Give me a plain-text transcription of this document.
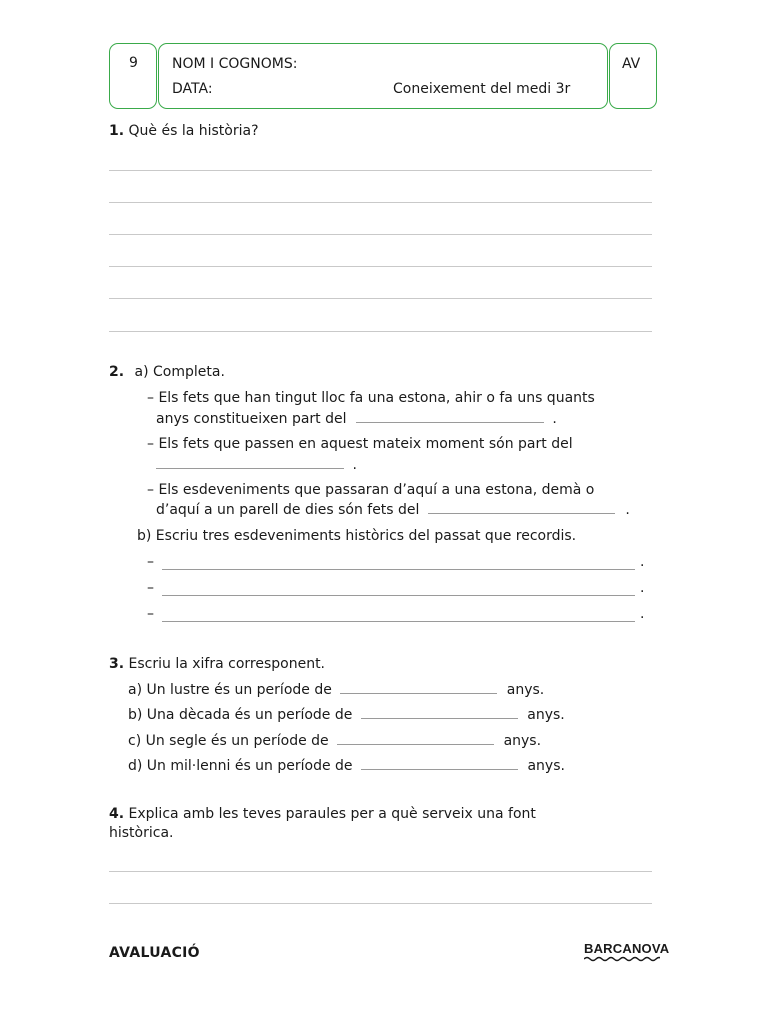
9 NOM I COGNOMS:
DATA:	Coneixement del medi 3r
AV
1. Què és la història?
2. a) Completa.
– Els fets que han tingut lloc fa una estona, ahir o fa uns quants
anys constitueixen part del	.
– Els fets que passen en aquest mateix moment són part del
.
– Els esdeveniments que passaran d’aquí a una estona, demà o
d’aquí a un parell de dies són fets del	.
b) Escriu tres esdeveniments històrics del passat que recordis.
–	.
–	.
–	.
3. Escriu la xifra corresponent.
a) Un lustre és un període de	anys.
b) Una dècada és un període de	anys.
c) Un segle és un període de	anys.
d) Un mil·lenni és un període de	anys.
4. Explica amb les teves paraules per a què serveix una font
històrica.
AVALUACIÓ	BARCANOVA
